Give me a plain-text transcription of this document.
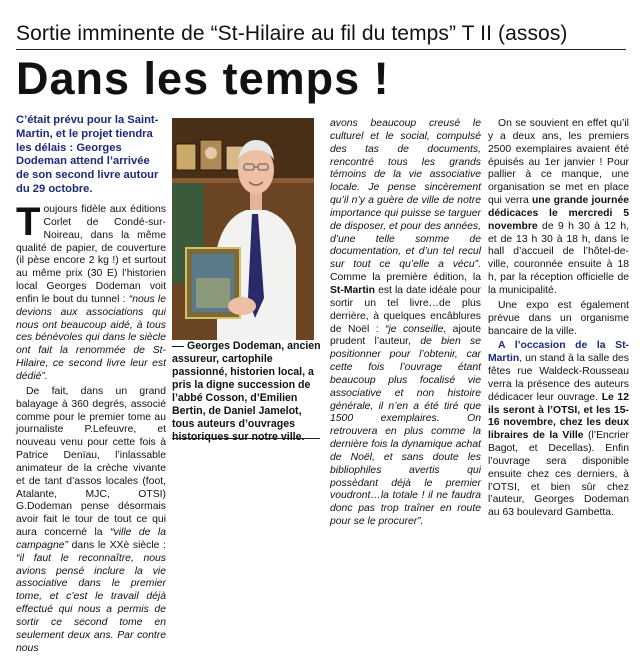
Sortie imminente de “St-Hilaire au fil du temps” T II (assos)
Dans les temps !
C’était prévu pour la Saint-Martin, et le projet tiendra les délais : Georges Dodeman attend l’arrivée de son second livre autour du 29 octobre.

Toujours fidèle aux éditions Corlet de Condé-sur-Noireau, dans la même qualité de papier, de couverture (il pèse encore 2 kg !) et surtout au même prix (30 E) l’historien local Georges Dodeman voit enfin le bout du tunnel : “nous le devions aux associations qui nous ont beaucoup aidé, à tous ces bénévoles qui dans le siècle ont fait la renommée de St-Hilaire, ce second livre leur est dédié”.

De fait, dans un grand balayage à 360 degrés, associé comme pour le premier tome au journaliste P.Lefeuvre, et nouveau venu pour cette fois à Patrice Denïau, l’inlassable animateur de la crèche vivante et de tant d’assos locales (foot, Atalante, MJC, OTSI) G.Dodeman pense désormais avoir fait le tour de tout ce qui aura concerné la “ville de la campagne” dans le XXè siècle : “il faut le reconnaître, nous avions pensé inclure la vie associative dans le premier tome, et c’est le travail déjà effectué qui nous a permis de sortir ce second tome en seulement deux ans. Par contre nous

Georges Dodeman, ancien assureur, cartophile passionné, historien local, a pris la digne succession de l’abbé Cosson, d’Emilien Bertin, de Daniel Jamelot, tous auteurs d’ouvrages historiques sur notre ville.

avons beaucoup creusé le culturel et le social, compulsé des tas de documents, rencontré tous les grands témoins de la vie associative locale. Je pense sincèrement qu’il n’y a guère de ville de notre importance qui puisse se targuer de disposer, et pour des années, d’une telle somme de documentation, et d’un tel recul sur tout ce qu’elle a vécu”. Comme la première édition, la St-Martin est la date idéale pour sortir un tel livre…de plus derrière, à quelques encâblures de Noël : “je conseille, ajoute prudent l’auteur, de bien se positionner pour l’obtenir, car cette fois l’ouvrage étant beaucoup plus focalisé vie associative et non histoire générale, il n’en a été tiré que 1500 exemplaires. On retrouvera en plus comme la dernière fois la dynamique achat de Noël, et sans doute les bibliophiles avertis qui possèdant déjà le premier voudront…la totale ! il ne faudra donc pas trop traîner en route pour se le procurer”.

On se souvient en effet qu’il y a deux ans, les premiers 2500 exemplaires avaient été épuisés au 1er janvier ! Pour pallier à ce manque, une organisation se met en place qui verra une grande journée dédicaces le mercredi 5 novembre de 9 h 30 à 12 h, et de 13 h 30 à 18 h, dans le hall d’accueil de l’hôtel-de-ville, couronnée ensuite à 18 h, par la réception officielle de la municipalité.

Une expo est également prévue dans un organisme bancaire de la ville.

A l’occasion de la St-Martin, un stand à la salle des fêtes rue Waldeck-Rousseau verra la présence des auteurs dédicacer leur ouvrage. Le 12 ils seront à l’OTSI, et les 15-16 novembre, chez les deux libraires de la Ville (l’Encrier Bagot, et Decellas). Enfin l’ouvrage sera disponible ensuite chez ces derniers, à l’OTSI, et bien sûr chez l’auteur, Georges Dodeman au 63 boulevard Gambetta.
